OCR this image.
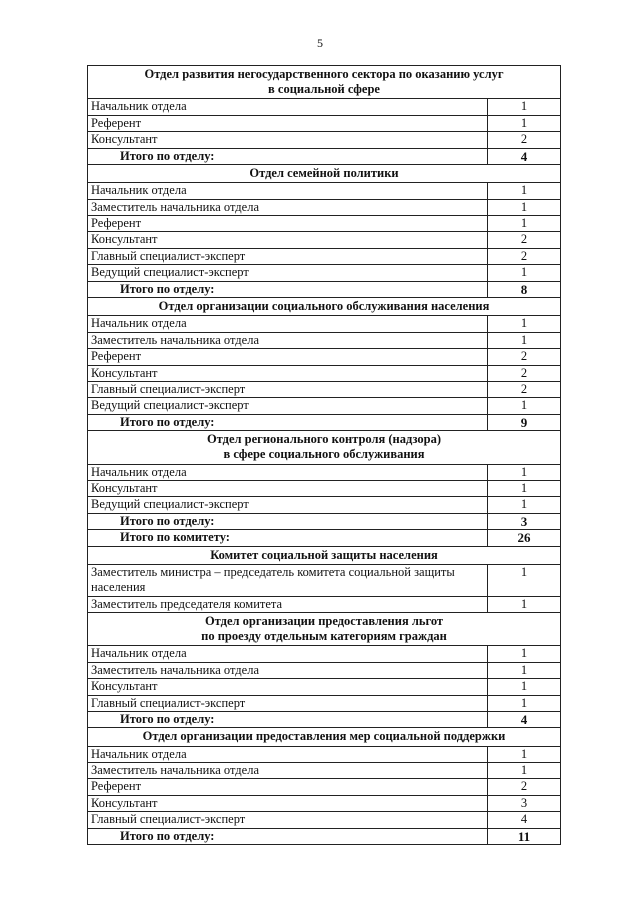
5
Отдел развития негосударственного сектора по оказанию услуг
в социальной сфере	
Начальник отдела	1
Референт	1
Консультант	2
Итого по отделу:	4
Отдел семейной политики	
Начальник отдела	1
Заместитель начальника отдела	1
Референт	1
Консультант	2
Главный специалист-эксперт	2
Ведущий специалист-эксперт	1
Итого по отделу:	8
Отдел организации социального обслуживания населения	
Начальник отдела	1
Заместитель начальника отдела	1
Референт	2
Консультант	2
Главный специалист-эксперт	2
Ведущий специалист-эксперт	1
Итого по отделу:	9
Отдел регионального контроля (надзора)
в сфере социального обслуживания	
Начальник отдела	1
Консультант	1
Ведущий специалист-эксперт	1
Итого по отделу:	3
Итого по комитету:	26
Комитет социальной защиты населения	
Заместитель министра – председатель комитета социальной защиты населения	1
Заместитель председателя комитета	1
Отдел организации предоставления льгот
по проезду отдельным категориям граждан	
Начальник отдела	1
Заместитель начальника отдела	1
Консультант	1
Главный специалист-эксперт	1
Итого по отделу:	4
Отдел организации предоставления мер социальной поддержки	
Начальник отдела	1
Заместитель начальника отдела	1
Референт	2
Консультант	3
Главный специалист-эксперт	4
Итого по отделу:	11
